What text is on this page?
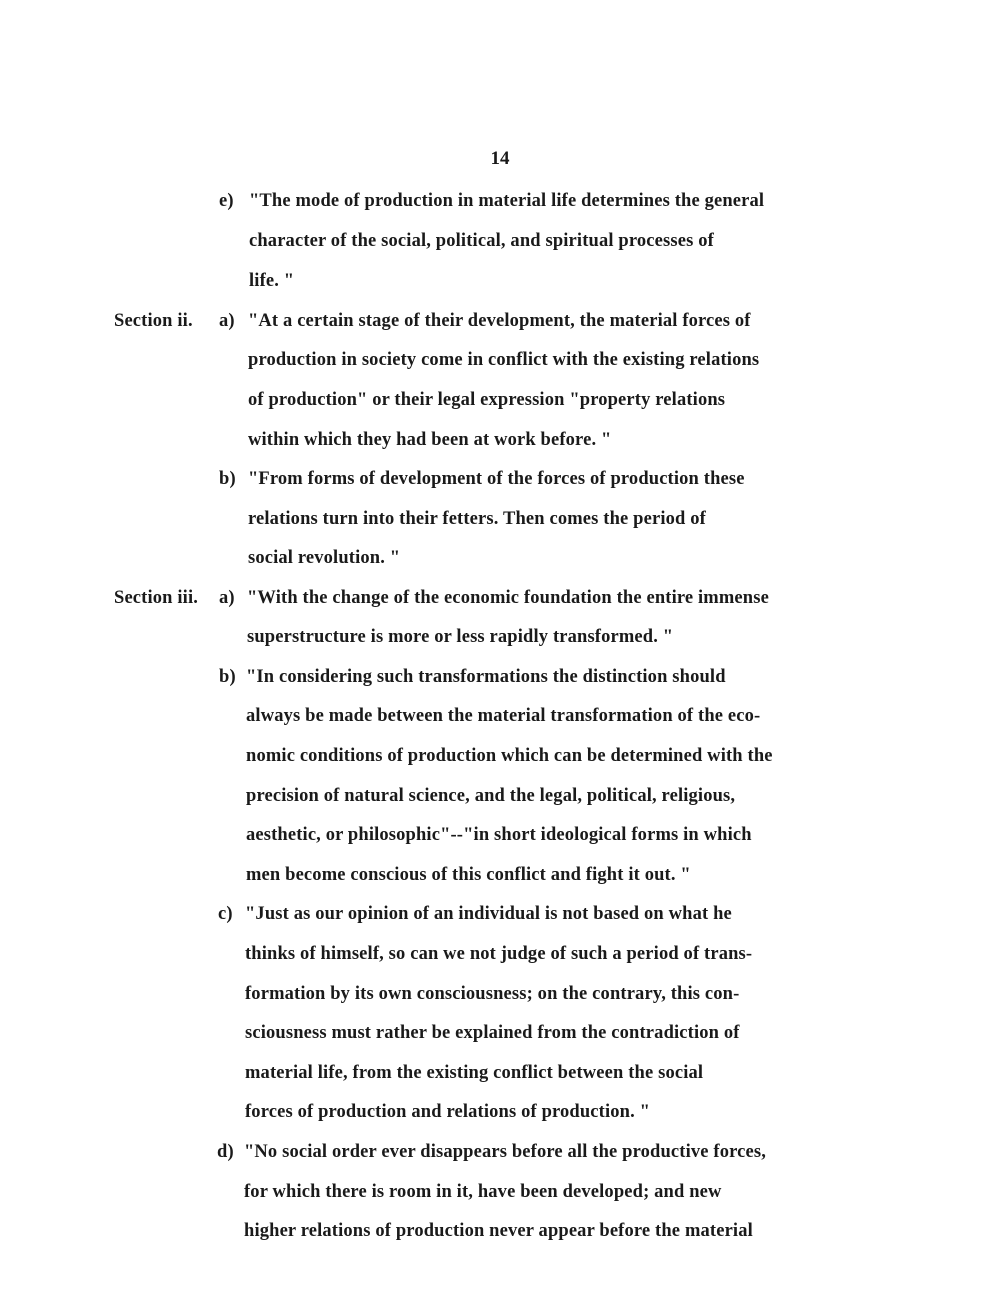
14

e) "The mode of production in material life determines the general
character of the social, political, and spiritual processes of
life. "
Section ii. a) "At a certain stage of their development, the material forces of
production in society come in conflict with the existing relations
of production" or their legal expression "property relations
within which they had been at work before. "
b) "From forms of development of the forces of production these
relations turn into their fetters. Then comes the period of
social revolution. "
Section iii. a) "With the change of the economic foundation the entire immense
superstructure is more or less rapidly transformed. "
b) "In considering such transformations the distinction should
always be made between the material transformation of the eco-
nomic conditions of production which can be determined with the
precision of natural science, and the legal, political, religious,
aesthetic, or philosophic"--"in short ideological forms in which
men become conscious of this conflict and fight it out. "
c) "Just as our opinion of an individual is not based on what he
thinks of himself, so can we not judge of such a period of trans-
formation by its own consciousness; on the contrary, this con-
sciousness must rather be explained from the contradiction of
material life, from the existing conflict between the social
forces of production and relations of production. "
d) "No social order ever disappears before all the productive forces,
for which there is room in it, have been developed; and new
higher relations of production never appear before the material
